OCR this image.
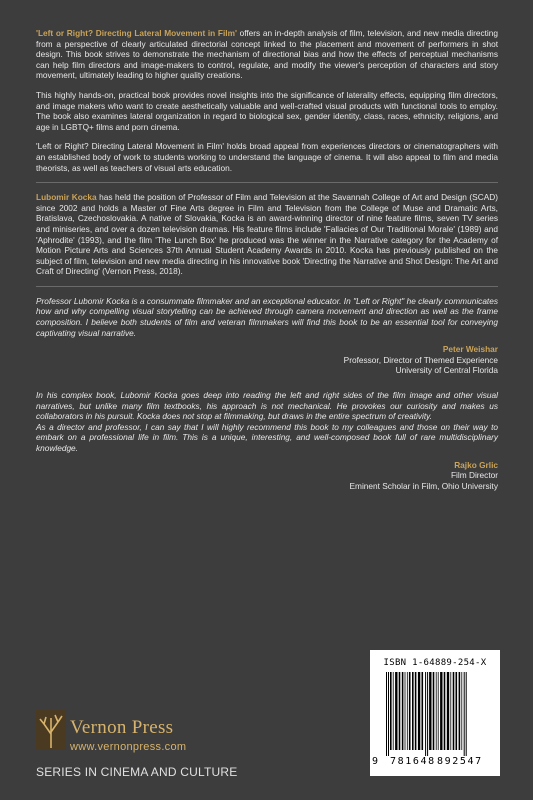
'Left or Right? Directing Lateral Movement in Film' offers an in-depth analysis of film, television, and new media directing from a perspective of clearly articulated directorial concept linked to the placement and movement of performers in shot design. This book strives to demonstrate the mechanism of directional bias and how the effects of perceptual mechanisms can help film directors and image-makers to control, regulate, and modify the viewer's perception of characters and story movement, ultimately leading to higher quality creations.

This highly hands-on, practical book provides novel insights into the significance of laterality effects, equipping film directors, and image makers who want to create aesthetically valuable and well-crafted visual products with functional tools to employ. The book also examines lateral organization in regard to biological sex, gender identity, class, races, ethnicity, religions, and age in LGBTQ+ films and porn cinema.

'Left or Right? Directing Lateral Movement in Film' holds broad appeal from experiences directors or cinematographers with an established body of work to students working to understand the language of cinema. It will also appeal to film and media theorists, as well as teachers of visual arts education.

Lubomir Kocka has held the position of Professor of Film and Television at the Savannah College of Art and Design (SCAD) since 2002 and holds a Master of Fine Arts degree in Film and Television from the College of Muse and Dramatic Arts, Bratislava, Czechoslovakia. A native of Slovakia, Kocka is an award-winning director of nine feature films, seven TV series and miniseries, and over a dozen television dramas. His feature films include 'Fallacies of Our Traditional Morale' (1989) and 'Aphrodite' (1993), and the film 'The Lunch Box' he produced was the winner in the Narrative category for the Academy of Motion Picture Arts and Sciences 37th Annual Student Academy Awards in 2010. Kocka has previously published on the subject of film, television and new media directing in his innovative book 'Directing the Narrative and Shot Design: The Art and Craft of Directing' (Vernon Press, 2018).

Professor Lubomir Kocka is a consummate filmmaker and an exceptional educator. In "Left or Right" he clearly communicates how and why compelling visual storytelling can be achieved through camera movement and direction as well as the frame composition. I believe both students of film and veteran filmmakers will find this book to be an essential tool for conveying captivating visual narrative.

Peter Weishar
Professor, Director of Themed Experience
University of Central Florida

In his complex book, Lubomir Kocka goes deep into reading the left and right sides of the film image and other visual narratives, but unlike many film textbooks, his approach is not mechanical. He provokes our curiosity and makes us collaborators in his pursuit. Kocka does not stop at filmmaking, but draws in the entire spectrum of creativity.

As a director and professor, I can say that I will highly recommend this book to my colleagues and those on their way to embark on a professional life in film. This is a unique, interesting, and well-composed book full of rare multidisciplinary knowledge.

Rajko Grlic
Film Director
Eminent Scholar in Film, Ohio University
Vernon Press
www.vernonpress.com
SERIES IN CINEMA AND CULTURE
ISBN 1-64889-254-X
9 781648 892547
